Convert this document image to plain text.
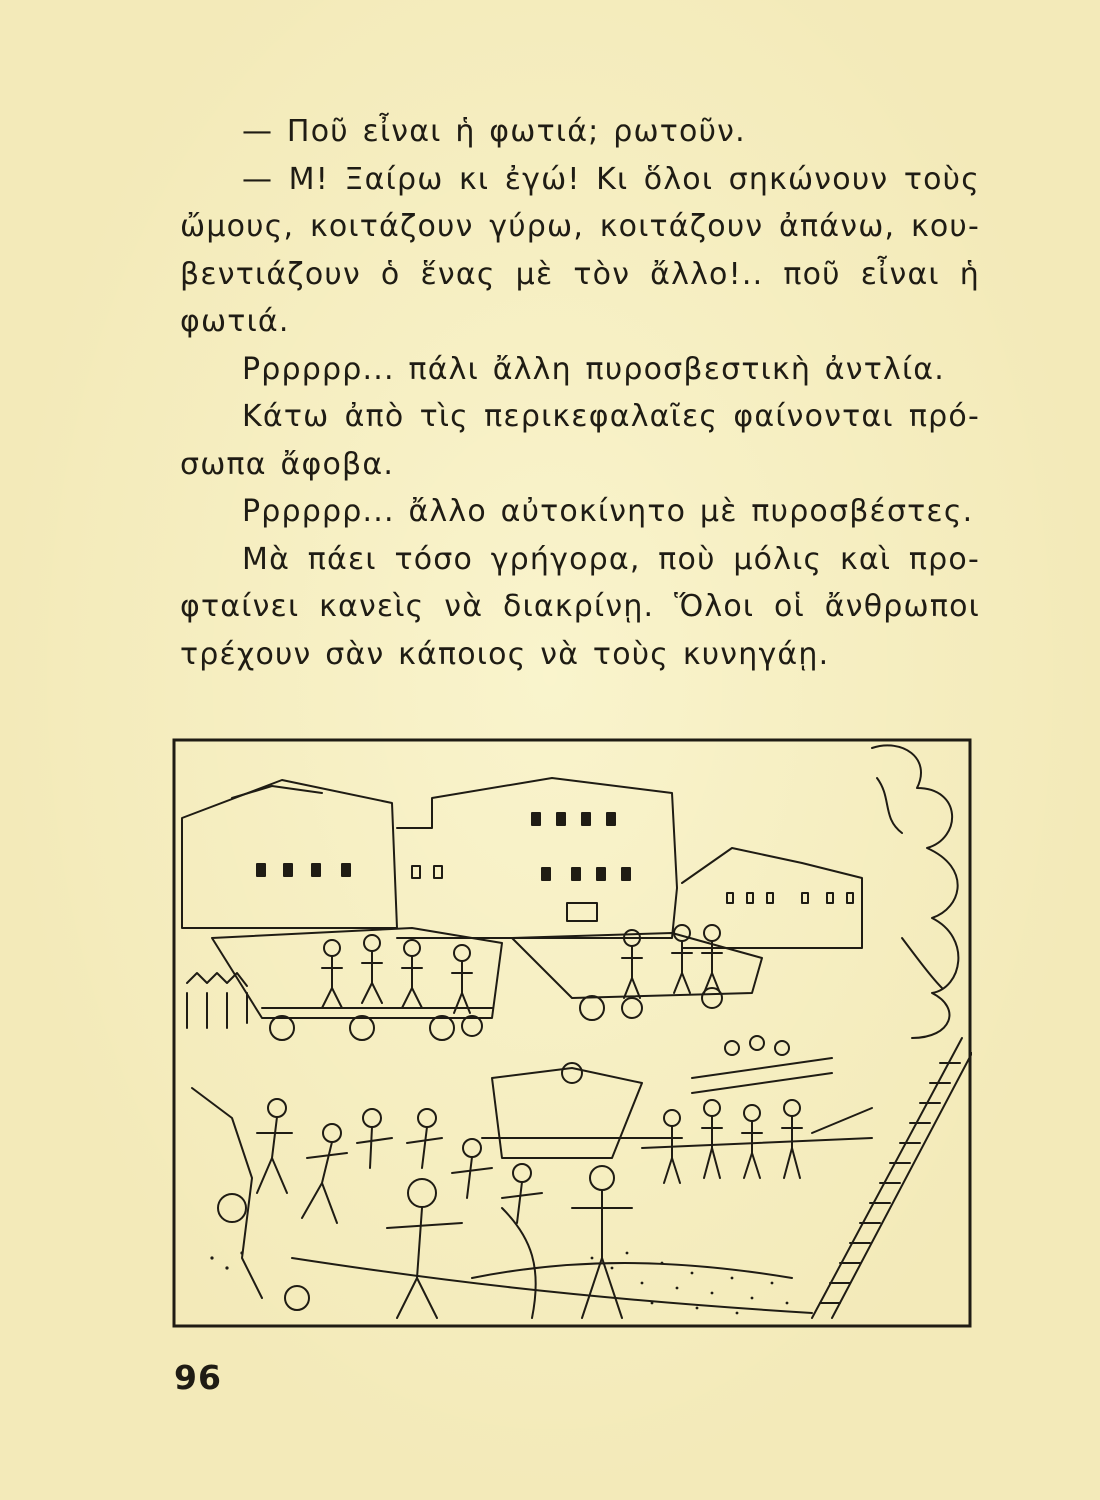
— Ποῦ εἶναι ἡ φωτιά; ρωτοῦν.
— Μ! Ξαίρω κι ἐγώ! Κι ὅλοι σηκώνουν τοὺς
ὤμους, κοιτάζουν γύρω, κοιτάζουν ἀπάνω, κου-
βεντιάζουν ὁ ἕνας μὲ τὸν ἄλλο!.. ποῦ εἶναι ἡ
φωτιά.
Ρρρρρρ... πάλι ἄλλη πυροσβεστικὴ ἀντλία.
Κάτω ἀπὸ τὶς περικεφαλαῖες φαίνονται πρό-
σωπα ἄφοβα.
Ρρρρρρ... ἄλλο αὐτοκίνητο μὲ πυροσβέστες.
Μὰ πάει τόσο γρήγορα, ποὺ μόλις καὶ προ-
φταίνει κανεὶς νὰ διακρίνῃ. Ὅλοι οἱ ἄνθρωποι
τρέχουν σὰν κάποιος νὰ τοὺς κυνηγάῃ.
96
